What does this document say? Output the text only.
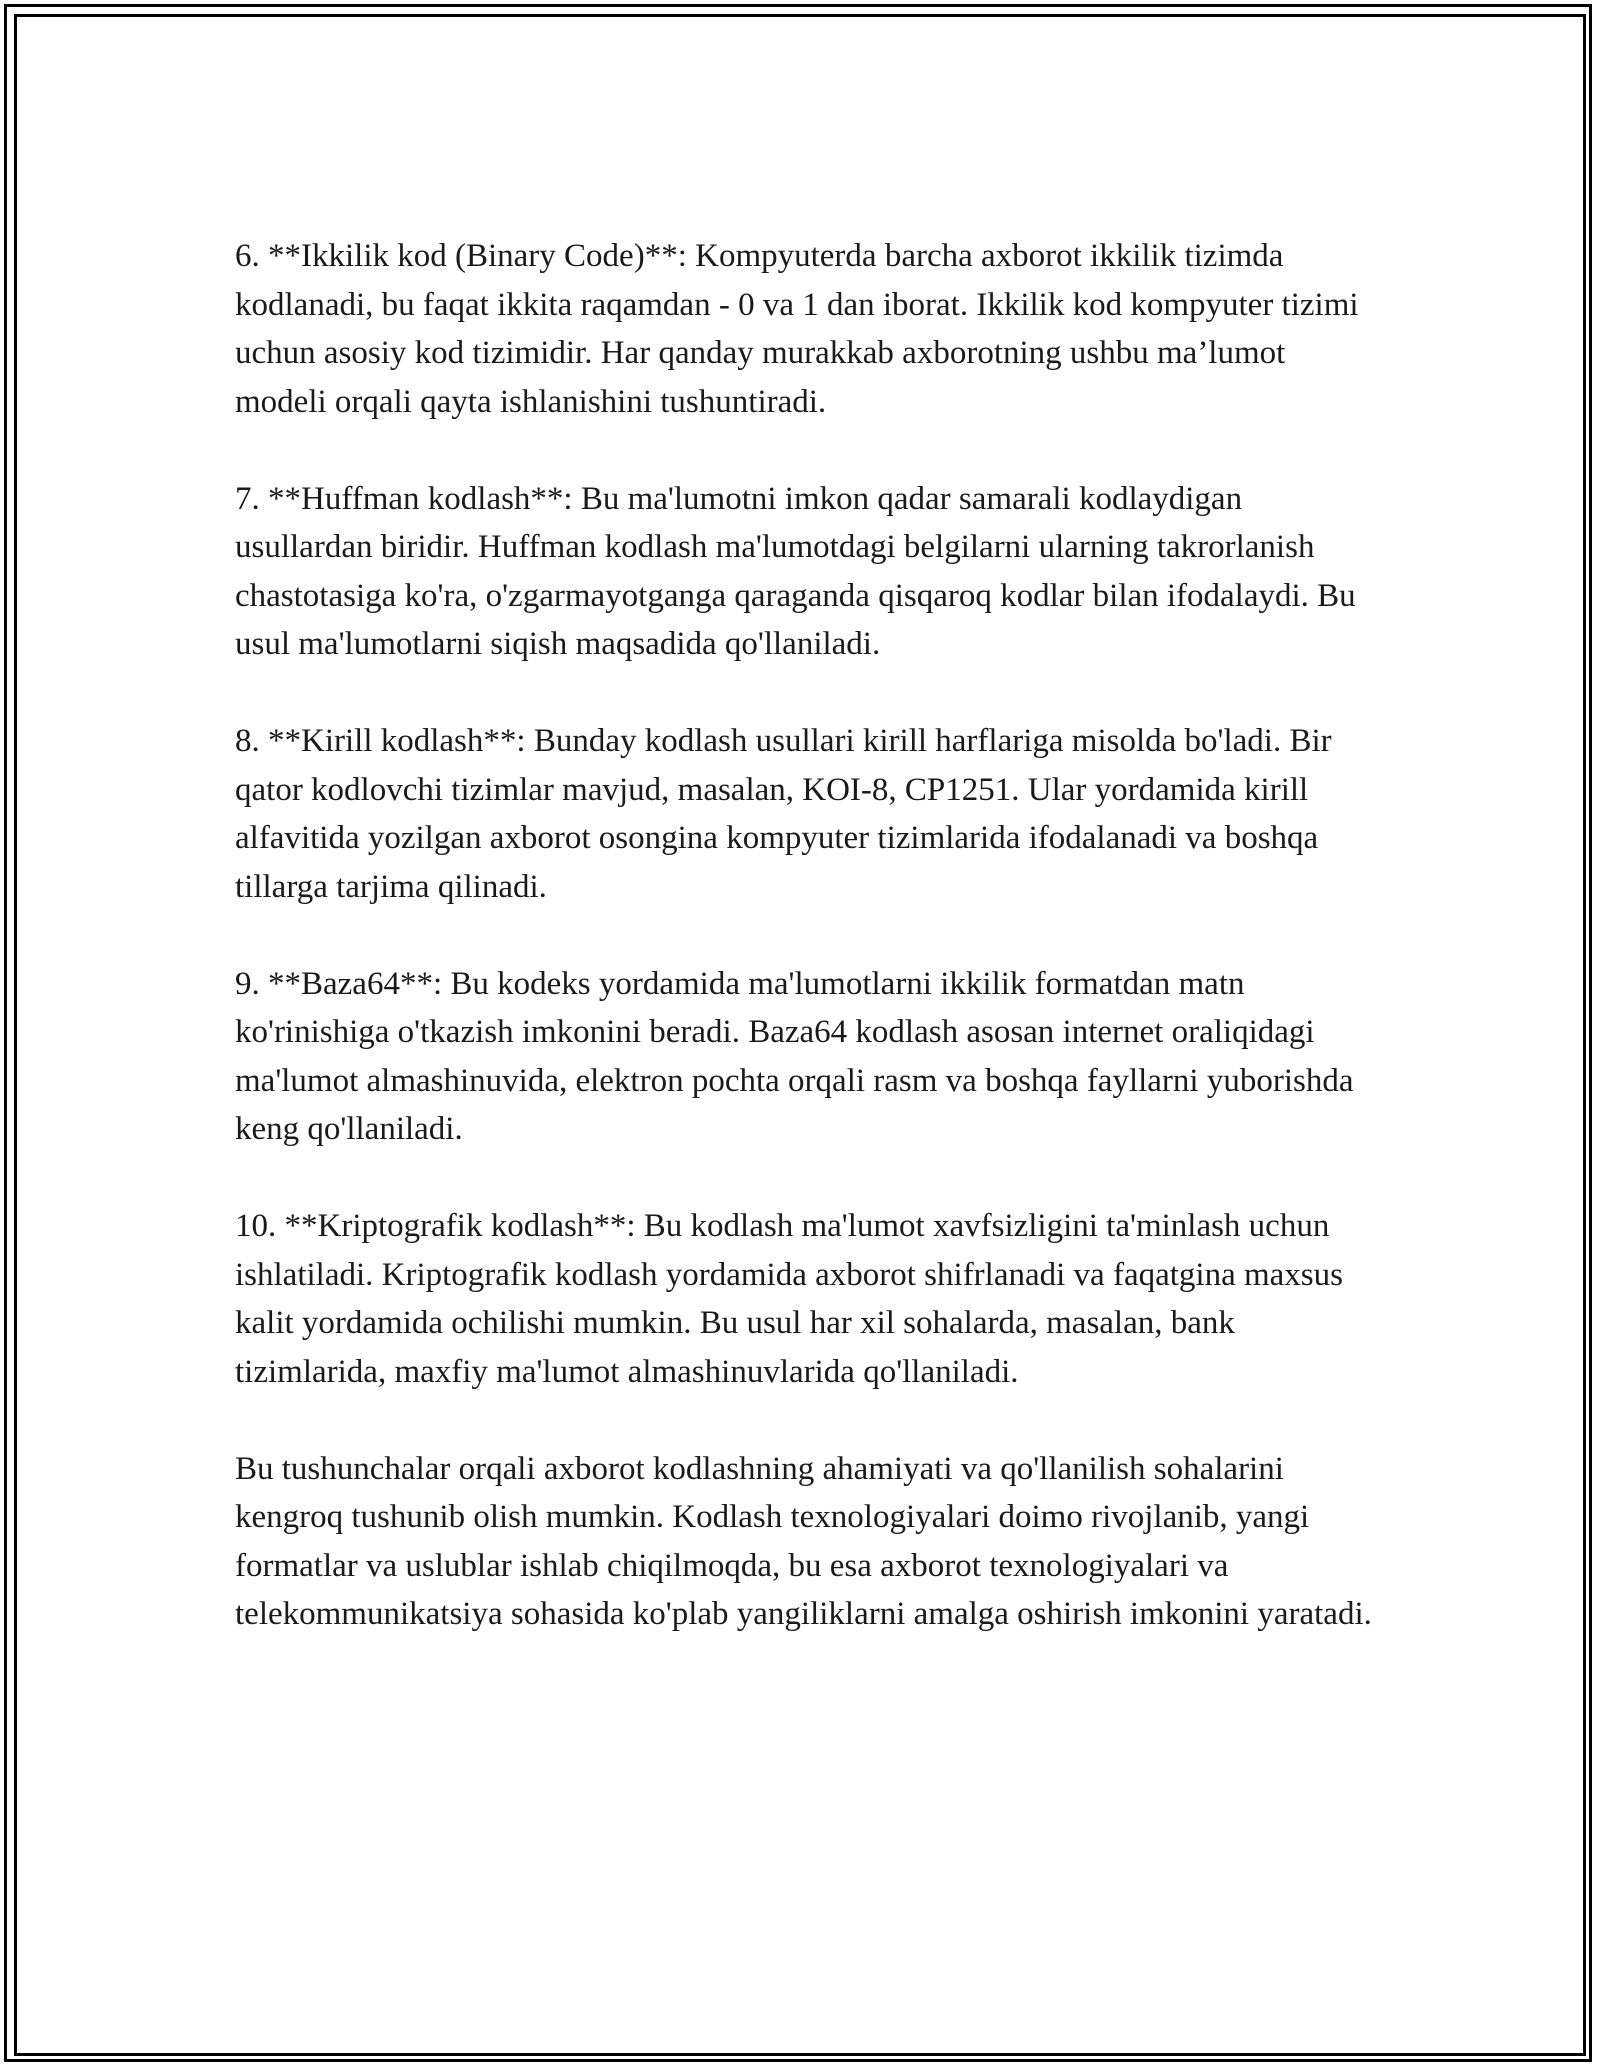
6. **Ikkilik kod (Binary Code)**: Kompyuterda barcha axborot ikkilik tizimda kodlanadi, bu faqat ikkita raqamdan - 0 va 1 dan iborat. Ikkilik kod kompyuter tizimi uchun asosiy kod tizimidir. Har qanday murakkab axborotning ushbu ma’lumot modeli orqali qayta ishlanishini tushuntiradi.

7. **Huffman kodlash**: Bu ma'lumotni imkon qadar samarali kodlaydigan usullardan biridir. Huffman kodlash ma'lumotdagi belgilarni ularning takrorlanish chastotasiga ko'ra, o'zgarmayotganga qaraganda qisqaroq kodlar bilan ifodalaydi. Bu usul ma'lumotlarni siqish maqsadida qo'llaniladi.

8. **Kirill kodlash**: Bunday kodlash usullari kirill harflariga misolda bo'ladi. Bir qator kodlovchi tizimlar mavjud, masalan, KOI-8, CP1251. Ular yordamida kirill alfavitida yozilgan axborot osongina kompyuter tizimlarida ifodalanadi va boshqa tillarga tarjima qilinadi.

9. **Baza64**: Bu kodeks yordamida ma'lumotlarni ikkilik formatdan matn ko'rinishiga o'tkazish imkonini beradi. Baza64 kodlash asosan internet oraliqidagi ma'lumot almashinuvida, elektron pochta orqali rasm va boshqa fayllarni yuborishda keng qo'llaniladi.

10. **Kriptografik kodlash**: Bu kodlash ma'lumot xavfsizligini ta'minlash uchun ishlatiladi. Kriptografik kodlash yordamida axborot shifrlanadi va faqatgina maxsus kalit yordamida ochilishi mumkin. Bu usul har xil sohalarda, masalan, bank tizimlarida, maxfiy ma'lumot almashinuvlarida qo'llaniladi.

Bu tushunchalar orqali axborot kodlashning ahamiyati va qo'llanilish sohalarini kengroq tushunib olish mumkin. Kodlash texnologiyalari doimo rivojlanib, yangi formatlar va uslublar ishlab chiqilmoqda, bu esa axborot texnologiyalari va telekommunikatsiya sohasida ko'plab yangiliklarni amalga oshirish imkonini yaratadi.
